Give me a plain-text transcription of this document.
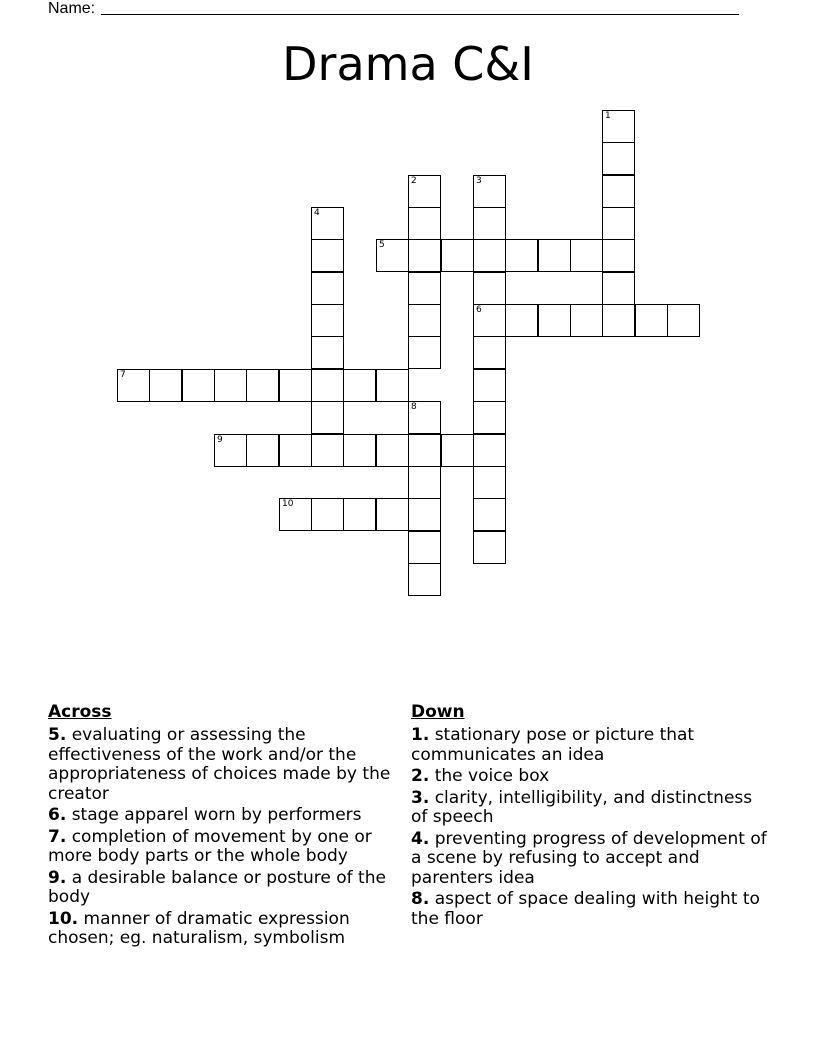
Name:
Drama C&I
1
2	3
4
5
7
8
9
10
6
Across
5. evaluating or assessing the effectiveness of the work and/or the appropriateness of choices made by the creator
6. stage apparel worn by performers
7. completion of movement by one or more body parts or the whole body
9. a desirable balance or posture of the body
10. manner of dramatic expression chosen; eg. naturalism, symbolism
Down
1. stationary pose or picture that communicates an idea
2. the voice box
3. clarity, intelligibility, and distinctness of speech
4. preventing progress of development of a scene by refusing to accept and parenters idea
8. aspect of space dealing with height to the floor
